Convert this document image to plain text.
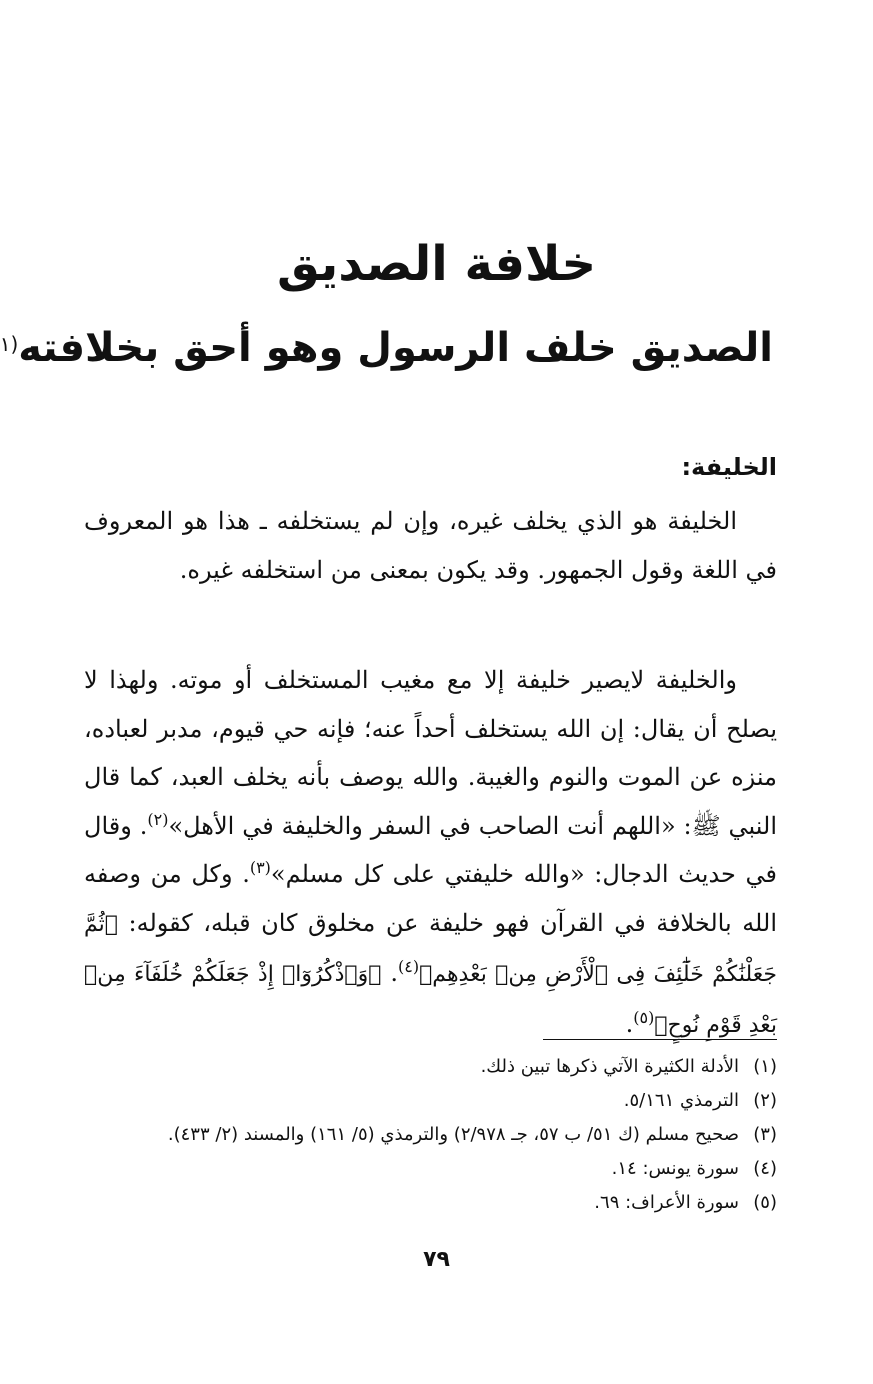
خلافة الصديق
الصديق خلف الرسول وهو أحق بخلافته$^{(١}$
الخليفة:

الخليفة هو الذي يخلف غيره، وإن لم يستخلفه ـ هذا هو المعروف في اللغة وقول الجمهور. وقد يكون بمعنى من استخلفه غيره.

والخليفة لايصير خليفة إلا مع مغيب المستخلف أو موته. ولهذا لا يصلح أن يقال: إن الله يستخلف أحداً عنه؛ فإنه حي قيوم، مدبر لعباده، منزه عن الموت والنوم والغيبة. والله يوصف بأنه يخلف العبد، كما قال النبي ﷺ: «اللهم أنت الصاحب في السفر والخليفة في الأهل»$^{(٢)}$. وقال في حديث الدجال: «والله خليفتي على كل مسلم»$^{(٣)}$. وكل من وصفه الله بالخلافة في القرآن فهو خليفة عن مخلوق كان قبله، كقوله: ﴿ثُمَّ جَعَلْنَٰكُمْ خَلَٰٓئِفَ فِى ٱلْأَرْضِ مِنۢ بَعْدِهِم﴾$^{(٤)}$. ﴿وَٱذْكُرُوٓا۟ إِذْ جَعَلَكُمْ خُلَفَآءَ مِنۢ بَعْدِ قَوْمِ نُوحٍ﴾$^{(٥)}$.

(١)الأدلة الكثيرة الآتي ذكرها تبين ذلك.
(٢)الترمذي ٥/١٦١.
(٣)صحيح مسلم (ك ٥١/ ب ٥٧، جـ ٢/٩٧٨) والترمذي (٥/ ١٦١) والمسند (٢/ ٤٣٣).
(٤)سورة يونس: ١٤.
(٥)سورة الأعراف: ٦٩.

٧٩
